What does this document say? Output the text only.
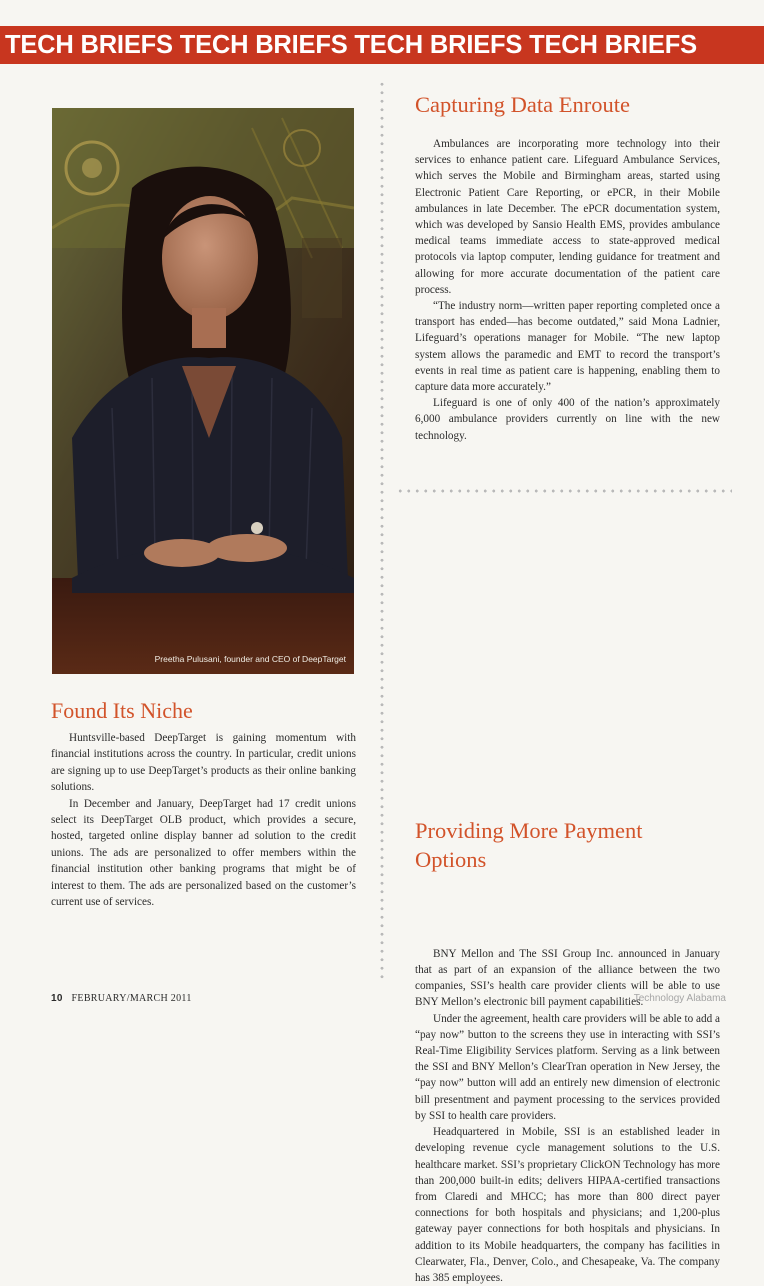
TECH BRIEFS TECH BRIEFS TECH BRIEFS TECH BRIEFS
Preetha Pulusani, founder and CEO of DeepTarget
Found Its Niche

Huntsville-based DeepTarget is gaining momentum with financial institutions across the country. In particular, credit unions are signing up to use DeepTarget’s products as their online banking solutions.

In December and January, DeepTarget had 17 credit unions select its DeepTarget OLB product, which provides a secure, hosted, targeted online display banner ad solution to the credit unions. The ads are personalized to offer members within the financial institution other banking programs that might be of interest to them. The ads are personalized based on the customer’s current use of services.

Capturing Data Enroute

Ambulances are incorporating more technology into their services to enhance patient care. Lifeguard Ambulance Services, which serves the Mobile and Birmingham areas, started using Electronic Patient Care Reporting, or ePCR, in their Mobile ambulances in late December. The ePCR documentation system, which was developed by Sansio Health EMS, provides ambulance medical teams immediate access to state-approved medical protocols via laptop computer, lending guidance for treatment and allowing for more accurate documentation of the patient care process.

“The industry norm—written paper reporting completed once a transport has ended—has become outdated,” said Mona Ladnier, Lifeguard’s operations manager for Mobile. “The new laptop system allows the paramedic and EMT to record the transport’s events in real time as patient care is happening, enabling them to capture data more accurately.”

Lifeguard is one of only 400 of the nation’s approximately 6,000 ambulance providers currently on line with the new technology.

Providing More Payment Options

BNY Mellon and The SSI Group Inc. announced in January that as part of an expansion of the alliance between the two companies, SSI’s health care provider clients will be able to use BNY Mellon’s electronic bill payment capabilities.

Under the agreement, health care providers will be able to add a “pay now” button to the screens they use in interacting with SSI’s Real-Time Eligibility Services platform. Serving as a link between the SSI and BNY Mellon’s ClearTran operation in New Jersey, the “pay now” button will add an entirely new dimension of electronic bill presentment and payment processing to the services provided by SSI to health care providers.

Headquartered in Mobile, SSI is an established leader in developing revenue cycle management solutions to the U.S. healthcare market. SSI’s proprietary ClickON Technology has more than 200,000 built-in edits; delivers HIPAA-certified transactions from Claredi and MHCC; has more than 800 direct payer connections for both hospitals and physicians; and 1,200-plus gateway payer connections for both hospitals and physicians. In addition to its Mobile headquarters, the company has facilities in Clearwater, Fla., Denver, Colo., and Chesapeake, Va. The company has 385 employees.

10 FEBRUARY/MARCH 2011	Technology Alabama
